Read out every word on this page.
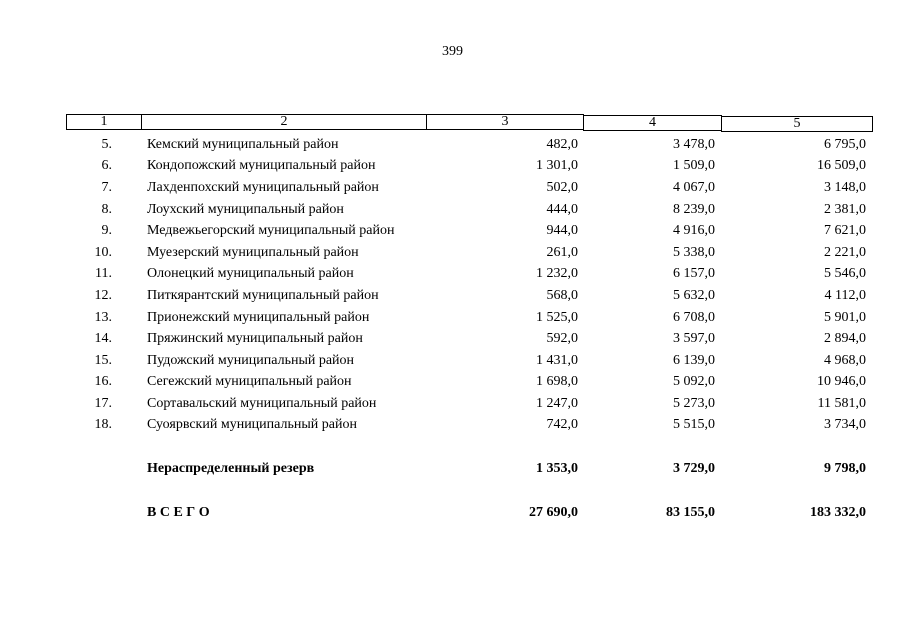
399
1	2	3	4	5
5.	Кемский муниципальный район	482,0	3 478,0	6 795,0
6.	Кондопожский муниципальный район	1 301,0	1 509,0	16 509,0
7.	Лахденпохский муниципальный район	502,0	4 067,0	3 148,0
8.	Лоухский муниципальный район	444,0	8 239,0	2 381,0
9.	Медвежьегорский муниципальный район	944,0	4 916,0	7 621,0
10.	Муезерский муниципальный район	261,0	5 338,0	2 221,0
11.	Олонецкий муниципальный район	1 232,0	6 157,0	5 546,0
12.	Питкярантский муниципальный район	568,0	5 632,0	4 112,0
13.	Прионежский муниципальный район	1 525,0	6 708,0	5 901,0
14.	Пряжинский муниципальный район	592,0	3 597,0	2 894,0
15.	Пудожский муниципальный район	1 431,0	6 139,0	4 968,0
16.	Сегежский муниципальный район	1 698,0	5 092,0	10 946,0
17.	Сортавальский муниципальный район	1 247,0	5 273,0	11 581,0
18.	Суоярвский муниципальный район	742,0	5 515,0	3 734,0
Нераспределенный резерв	1 353,0	3 729,0	9 798,0
В С Е Г О	27 690,0	83 155,0	183 332,0
